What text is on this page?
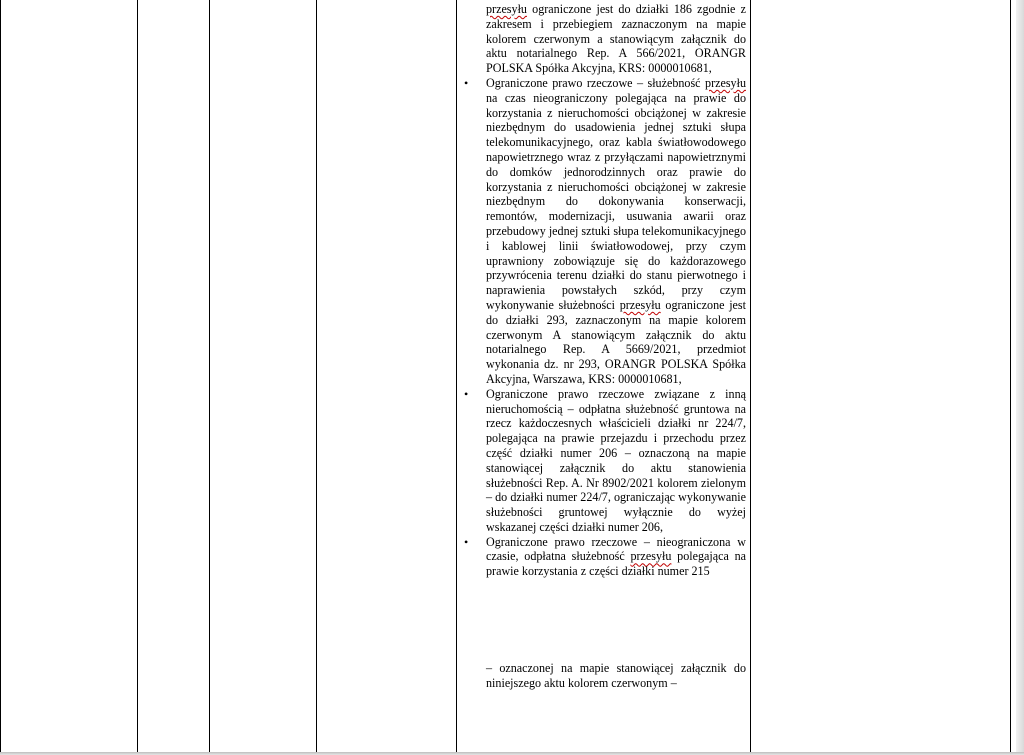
przesyłu ograniczone jest do działki 186 zgodnie z zakresem i przebiegiem zaznaczonym na mapie kolorem czerwonym a stanowiącym załącznik do aktu notarialnego Rep. A 566/2021, ORANGR POLSKA Spółka Akcyjna, KRS: 0000010681,
• Ograniczone prawo rzeczowe – służebność przesyłu na czas nieograniczony polegająca na prawie do korzystania z nieruchomości obciążonej w zakresie niezbędnym do usadowienia jednej sztuki słupa telekomunikacyjnego, oraz kabla światłowodowego napowietrznego wraz z przyłączami napowietrznymi do domków jednorodzinnych oraz prawie do korzystania z nieruchomości obciążonej w zakresie niezbędnym do dokonywania konserwacji, remontów, modernizacji, usuwania awarii oraz przebudowy jednej sztuki słupa telekomunikacyjnego i kablowej linii światłowodowej, przy czym uprawniony zobowiązuje się do każdorazowego przywrócenia terenu działki do stanu pierwotnego i naprawienia powstałych szkód, przy czym wykonywanie służebności przesyłu ograniczone jest do działki 293, zaznaczonym na mapie kolorem czerwonym A stanowiącym załącznik do aktu notarialnego Rep. A 5669/2021, przedmiot wykonania dz. nr 293, ORANGR POLSKA Spółka Akcyjna, Warszawa, KRS: 0000010681,
• Ograniczone prawo rzeczowe związane z inną nieruchomością – odpłatna służebność gruntowa na rzecz każdoczesnych właścicieli działki nr 224/7, polegająca na prawie przejazdu i przechodu przez część działki numer 206 – oznaczoną na mapie stanowiącej załącznik do aktu stanowienia służebności Rep. A. Nr 8902/2021 kolorem zielonym – do działki numer 224/7, ograniczając wykonywanie służebności gruntowej wyłącznie do wyżej wskazanej części działki numer 206,
• Ograniczone prawo rzeczowe – nieograniczona w czasie, odpłatna służebność przesyłu polegająca na prawie korzystania z części działki numer 215
– oznaczonej na mapie stanowiącej załącznik do niniejszego aktu kolorem czerwonym –
